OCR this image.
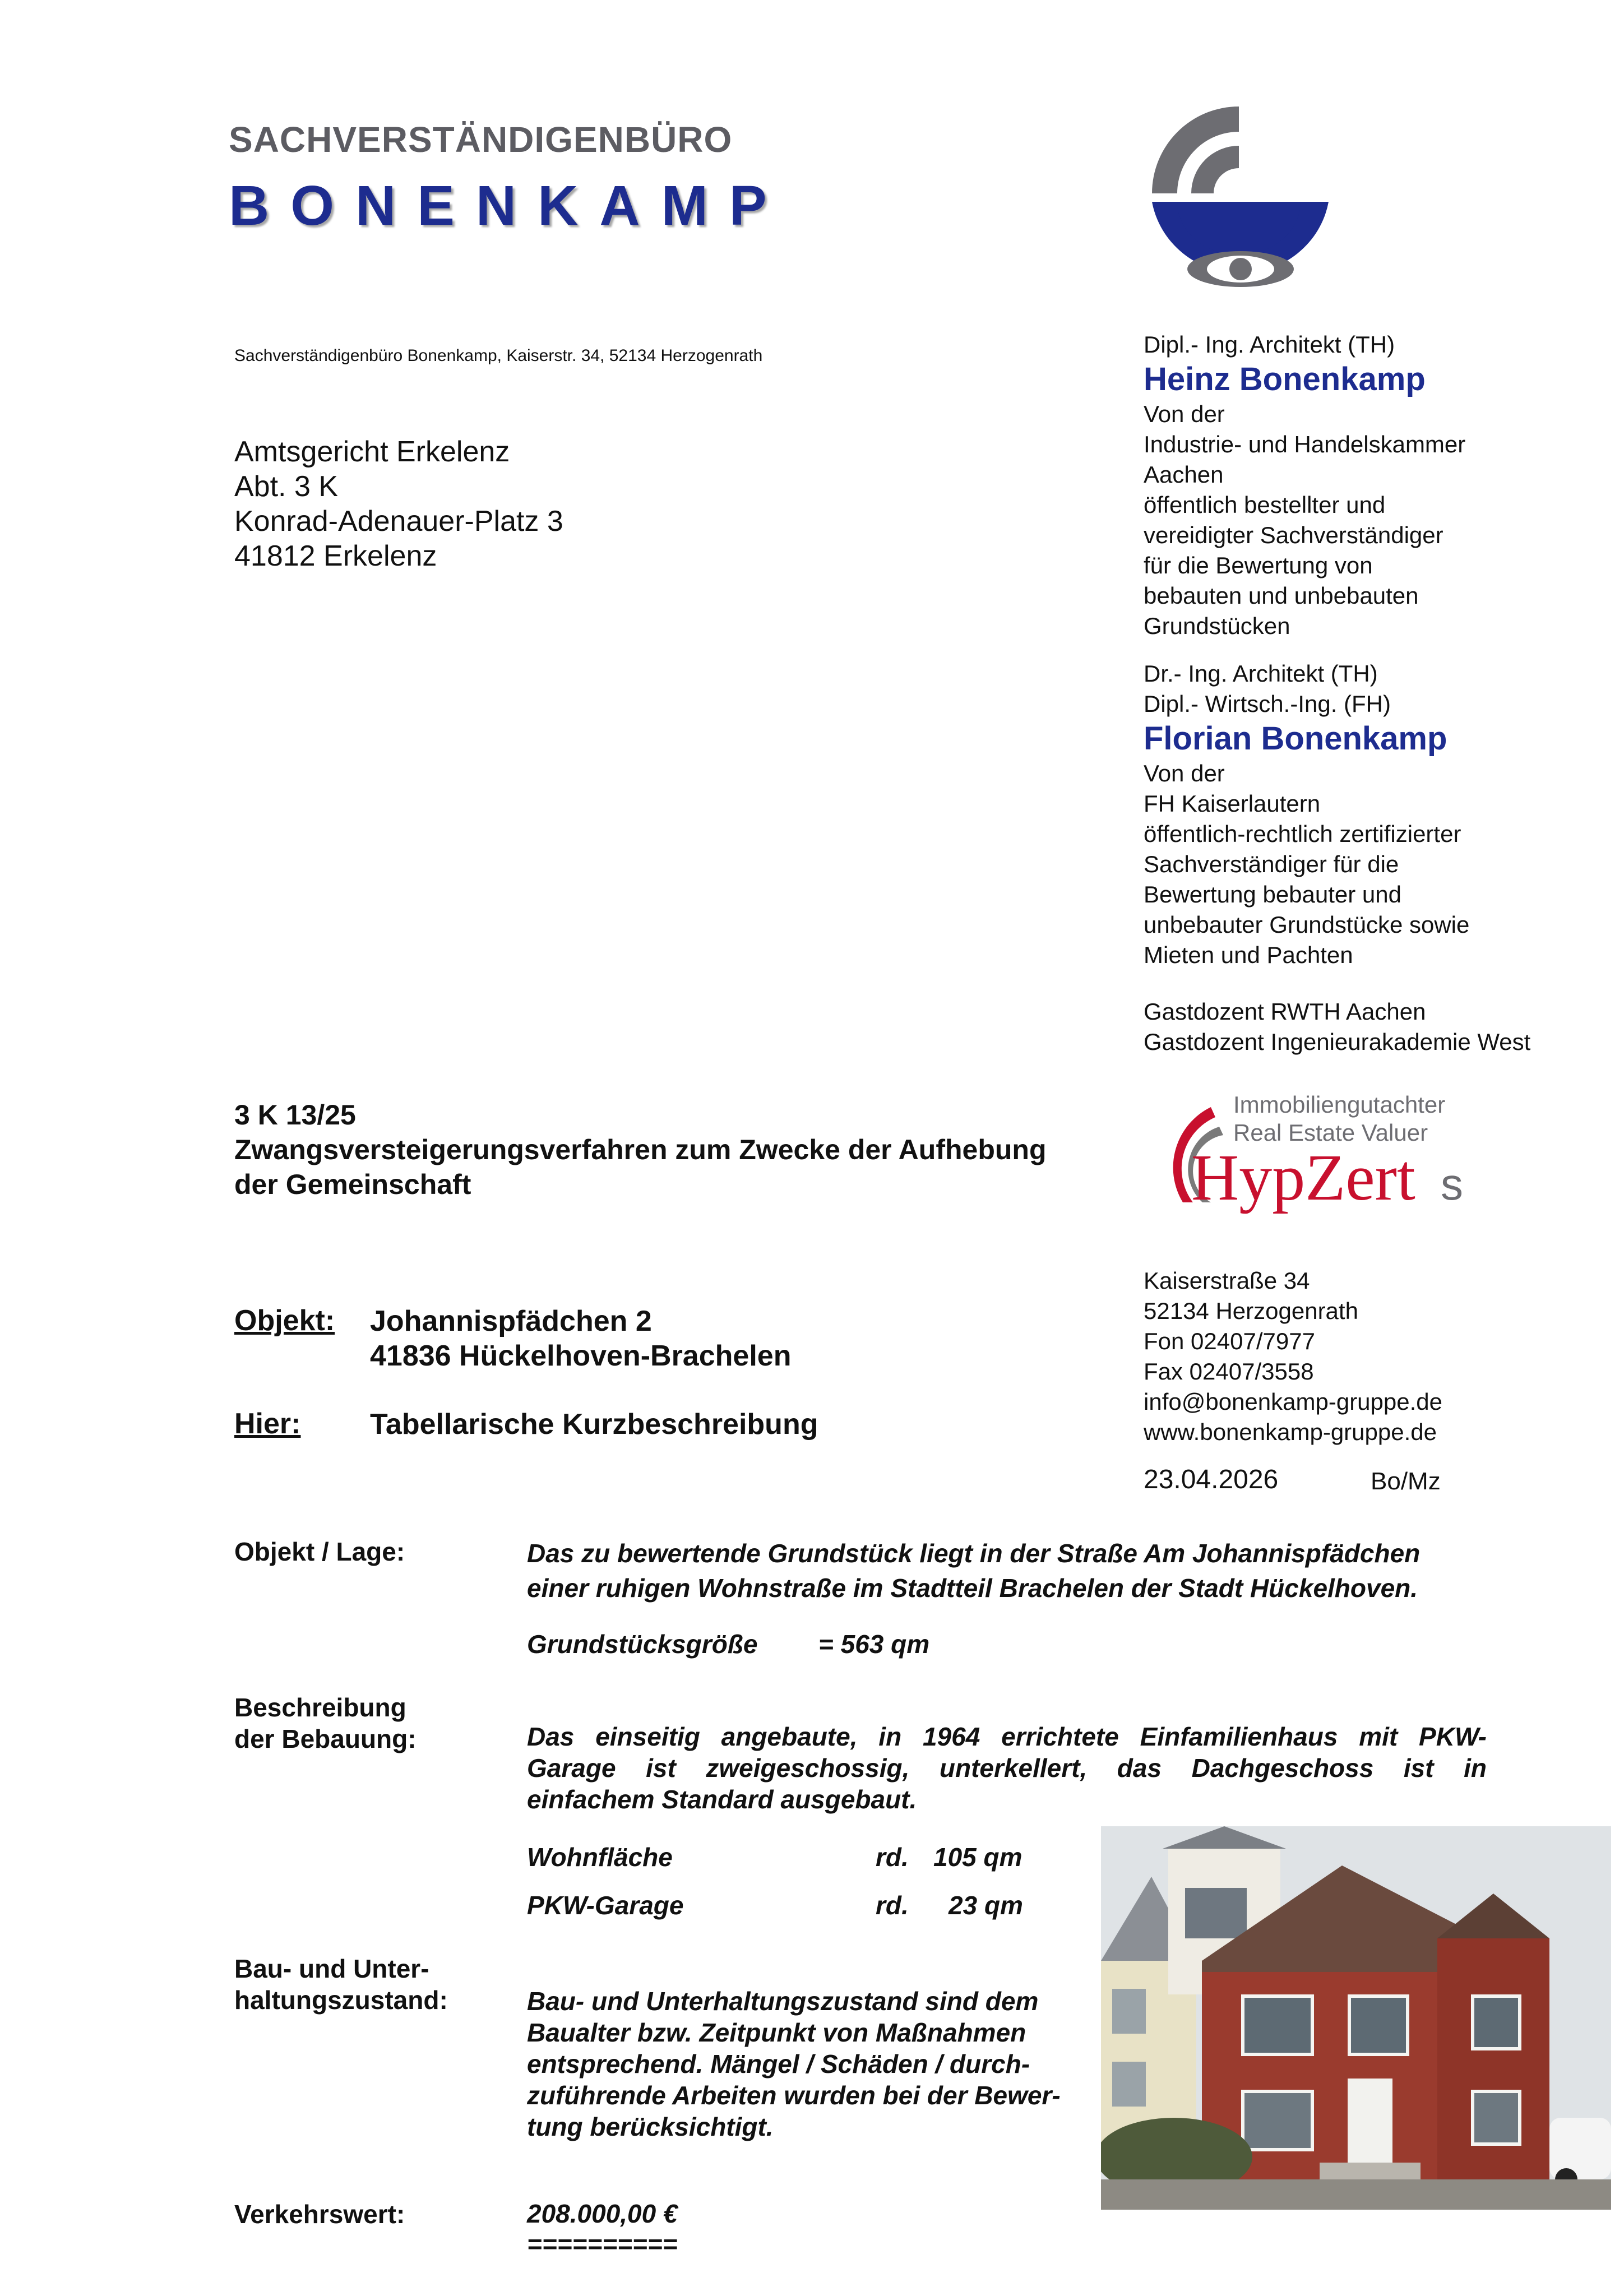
SACHVERSTÄNDIGENBÜRO
BONENKAMP
Sachverständigenbüro Bonenkamp, Kaiserstr. 34, 52134 Herzogenrath
Amtsgericht Erkelenz
Abt. 3 K
Konrad-Adenauer-Platz 3
41812 Erkelenz
Dipl.- Ing. Architekt (TH)
Heinz Bonenkamp
Von der
Industrie- und Handelskammer
Aachen
öffentlich bestellter und
vereidigter Sachverständiger
für die Bewertung von
bebauten und unbebauten
Grundstücken
Dr.- Ing. Architekt (TH)
Dipl.- Wirtsch.-Ing. (FH)
Florian Bonenkamp
Von der
FH Kaiserlautern
öffentlich-rechtlich zertifizierter
Sachverständiger für die
Bewertung bebauter und
unbebauter Grundstücke sowie
Mieten und Pachten
Gastdozent RWTH Aachen
Gastdozent Ingenieurakademie West
Immobiliengutachter
Real Estate Valuer
HypZert s
3 K 13/25
Zwangsversteigerungsverfahren zum Zwecke der Aufhebung
der Gemeinschaft
Objekt: Johannispfädchen 2
41836 Hückelhoven-Brachelen
Hier: Tabellarische Kurzbeschreibung
Kaiserstraße 34
52134 Herzogenrath
Fon 02407/7977
Fax 02407/3558
info@bonenkamp-gruppe.de
www.bonenkamp-gruppe.de
23.04.2026	Bo/Mz
Objekt / Lage:	Das zu bewertende Grundstück liegt in der Straße Am Johannispfädchen
einer ruhigen Wohnstraße im Stadtteil Brachelen der Stadt Hückelhoven.
Grundstücksgröße = 563 qm
Beschreibung
der Bebauung:	Das einseitig angebaute, in 1964 errichtete Einfamilienhaus mit PKW-
Garage ist zweigeschossig, unterkellert, das Dachgeschoss ist in
einfachem Standard ausgebaut.
Wohnfläche	rd. 105 qm
PKW-Garage	rd. 23 qm
Bau- und Unter-
haltungszustand:	Bau- und Unterhaltungszustand sind dem
Baualter bzw. Zeitpunkt von Maßnahmen
entsprechend. Mängel / Schäden / durch-
zuführende Arbeiten wurden bei der Bewer-
tung berücksichtigt.
Verkehrswert:	208.000,00 €
==========
